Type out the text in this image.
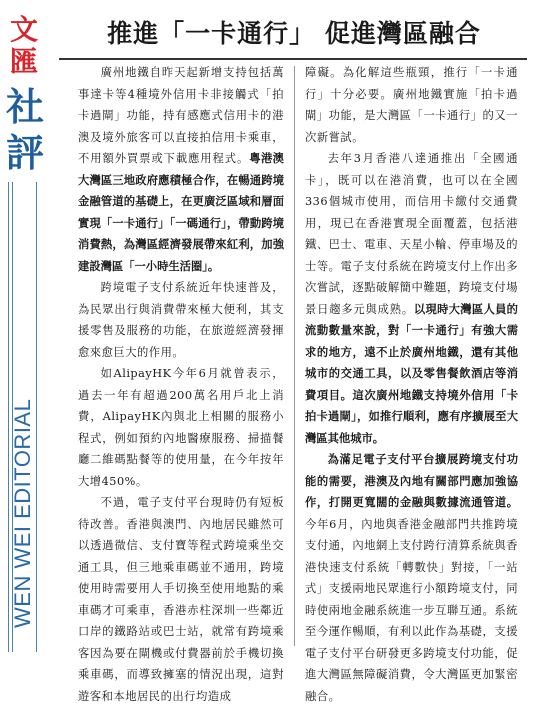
文
匯
社
評
WEN WEI EDITORIAL
推進「一卡通行」 促進灣區融合

廣州地鐵自昨天起新增支持包括萬事達卡等4種境外信用卡非接觸式「拍卡過閘」功能，持有感應式信用卡的港澳及境外旅客可以直接拍信用卡乘車，不用額外買票或下載應用程式。粵港澳大灣區三地政府應積極合作，在暢通跨境金融管道的基礎上，在更廣泛區域和層面實現「一卡通行」「一碼通行」，帶動跨境消費熱，為灣區經濟發展帶來紅利，加強建設灣區「一小時生活圈」。

跨境電子支付系統近年快速普及，為民眾出行與消費帶來極大便利，其支援零售及服務的功能，在旅遊經濟發揮愈來愈巨大的作用。

如AlipayHK今年6月就曾表示，過去一年有超過200萬名用戶北上消費，AlipayHK內與北上相關的服務小程式，例如預約內地醫療服務、掃描餐廳二維碼點餐等的使用量，在今年按年大增450%。

不過，電子支付平台現時仍有短板待改善。香港與澳門、內地居民雖然可以透過微信、支付寶等程式跨境乘坐交通工具，但三地乘車碼並不通用，跨境使用時需要用人手切換至使用地點的乘車碼才可乘車，香港赤柱深圳一些鄰近口岸的鐵路站或巴士站，就常有跨境乘客因為要在閘機或付費器前於手機切換乘車碼，而導致擁塞的情況出現，這對遊客和本地居民的出行均造成

障礙。為化解這些瓶頸，推行「一卡通行」十分必要。廣州地鐵實施「拍卡過閘」功能，是大灣區「一卡通行」的又一次新嘗試。

去年3月香港八達通推出「全國通卡」，既可以在港消費，也可以在全國336個城市使用，而信用卡繳付交通費用，現已在香港實現全面覆蓋，包括港鐵、巴士、電車、天星小輪、停車場及的士等。電子支付系統在跨境支付上作出多次嘗試，逐點破解簡中難題，跨境支付場景日趨多元與成熟。以現時大灣區人員的流動數量來說，對「一卡通行」有強大需求的地方，遠不止於廣州地鐵，還有其他城市的交通工具，以及零售餐飲酒店等消費項目。這次廣州地鐵支持境外信用「卡拍卡過閘」，如推行順利，應有序擴展至大灣區其他城市。

為滿足電子支付平台擴展跨境支付功能的需要，港澳及內地有關部門應加強協作，打開更寬闊的金融與數據流通管道。今年6月，內地與香港金融部門共推跨境支付通，內地網上支付跨行清算系統與香港快速支付系統「轉數快」對接，「一站式」支援兩地民眾進行小額跨境支付，同時使兩地金融系統進一步互聯互通。系統至今運作暢順，有利以此作為基礎，支援電子支付平台研發更多跨境支付功能，促進大灣區無障礙消費，令大灣區更加緊密融合。
